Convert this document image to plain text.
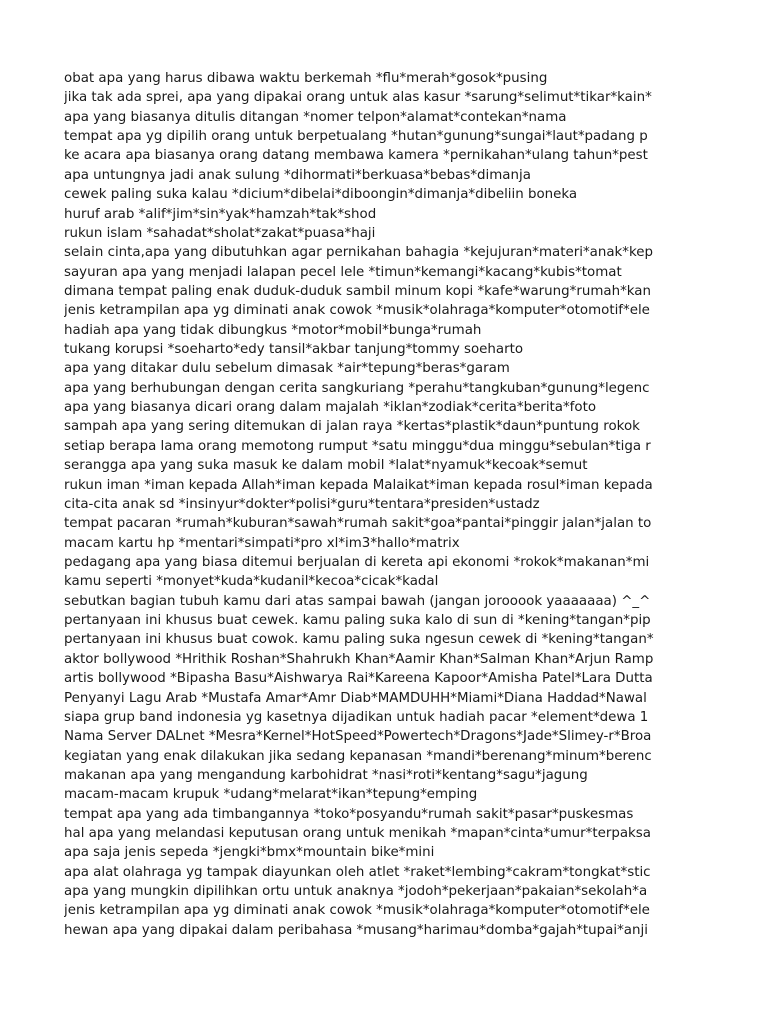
obat apa yang harus dibawa waktu berkemah *flu*merah*gosok*pusing
jika tak ada sprei, apa yang dipakai orang untuk alas kasur *sarung*selimut*tikar*kain*
apa yang biasanya ditulis ditangan *nomer telpon*alamat*contekan*nama
tempat apa yg dipilih orang untuk berpetualang *hutan*gunung*sungai*laut*padang p
ke acara apa biasanya orang datang membawa kamera *pernikahan*ulang tahun*pest
apa untungnya jadi anak sulung *dihormati*berkuasa*bebas*dimanja
cewek paling suka kalau *dicium*dibelai*diboongin*dimanja*dibeliin boneka
huruf arab *alif*jim*sin*yak*hamzah*tak*shod
rukun islam *sahadat*sholat*zakat*puasa*haji
selain cinta,apa yang dibutuhkan agar pernikahan bahagia *kejujuran*materi*anak*kep
sayuran apa yang menjadi lalapan pecel lele *timun*kemangi*kacang*kubis*tomat
dimana tempat paling enak duduk-duduk sambil minum kopi *kafe*warung*rumah*kan
jenis ketrampilan apa yg diminati anak cowok *musik*olahraga*komputer*otomotif*ele
hadiah apa yang tidak dibungkus *motor*mobil*bunga*rumah
tukang korupsi *soeharto*edy tansil*akbar tanjung*tommy soeharto
apa yang ditakar dulu sebelum dimasak *air*tepung*beras*garam
apa yang berhubungan dengan cerita sangkuriang *perahu*tangkuban*gunung*legenc
apa yang biasanya dicari orang dalam majalah *iklan*zodiak*cerita*berita*foto
sampah apa yang sering ditemukan di jalan raya *kertas*plastik*daun*puntung rokok
setiap berapa lama orang memotong rumput *satu minggu*dua minggu*sebulan*tiga r
serangga apa yang suka masuk ke dalam mobil *lalat*nyamuk*kecoak*semut
rukun iman *iman kepada Allah*iman kepada Malaikat*iman kepada rosul*iman kepada
cita-cita anak sd *insinyur*dokter*polisi*guru*tentara*presiden*ustadz
tempat pacaran *rumah*kuburan*sawah*rumah sakit*goa*pantai*pinggir jalan*jalan to
macam kartu hp *mentari*simpati*pro xl*im3*hallo*matrix
pedagang apa yang biasa ditemui berjualan di kereta api ekonomi *rokok*makanan*mi
kamu seperti *monyet*kuda*kudanil*kecoa*cicak*kadal
sebutkan bagian tubuh kamu dari atas sampai bawah (jangan jorooook yaaaaaaa) ^_^
pertanyaan ini khusus buat cewek. kamu paling suka kalo di sun di *kening*tangan*pip
pertanyaan ini khusus buat cowok. kamu paling suka ngesun cewek di *kening*tangan*
aktor bollywood *Hrithik Roshan*Shahrukh Khan*Aamir Khan*Salman Khan*Arjun Ramp
artis bollywood *Bipasha Basu*Aishwarya Rai*Kareena Kapoor*Amisha Patel*Lara Dutta
Penyanyi Lagu Arab *Mustafa Amar*Amr Diab*MAMDUHH*Miami*Diana Haddad*Nawal
siapa grup band indonesia yg kasetnya dijadikan untuk hadiah pacar *element*dewa 1
Nama Server DALnet *Mesra*Kernel*HotSpeed*Powertech*Dragons*Jade*Slimey-r*Broa
kegiatan yang enak dilakukan jika sedang kepanasan *mandi*berenang*minum*berenc
makanan apa yang mengandung karbohidrat *nasi*roti*kentang*sagu*jagung
macam-macam krupuk *udang*melarat*ikan*tepung*emping
tempat apa yang ada timbangannya *toko*posyandu*rumah sakit*pasar*puskesmas
hal apa yang melandasi keputusan orang untuk menikah *mapan*cinta*umur*terpaksa
apa saja jenis sepeda *jengki*bmx*mountain bike*mini
apa alat olahraga yg tampak diayunkan oleh atlet *raket*lembing*cakram*tongkat*stic
apa yang mungkin dipilihkan ortu untuk anaknya *jodoh*pekerjaan*pakaian*sekolah*a
jenis ketrampilan apa yg diminati anak cowok *musik*olahraga*komputer*otomotif*ele
hewan apa yang dipakai dalam peribahasa *musang*harimau*domba*gajah*tupai*anji
